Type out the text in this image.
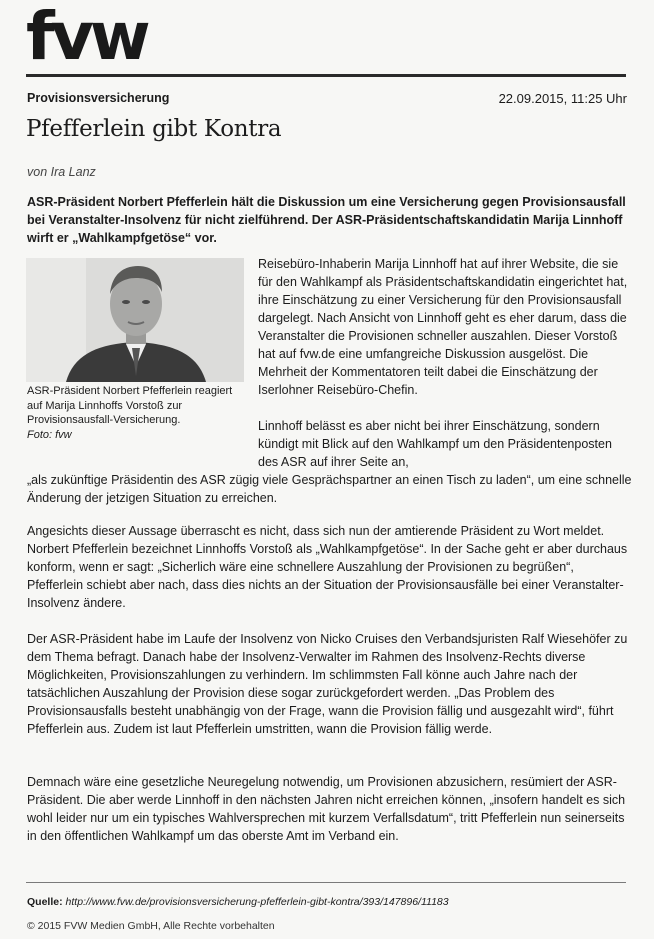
fvw
Provisionsversicherung	22.09.2015, 11:25 Uhr
Pfefferlein gibt Kontra
von Ira Lanz
ASR-Präsident Norbert Pfefferlein hält die Diskussion um eine Versicherung gegen Provisionsausfall bei Veranstalter-Insolvenz für nicht zielführend. Der ASR-Präsidentschaftskandidatin Marija Linnhoff wirft er „Wahlkampfgetöse“ vor.
ASR-Präsident Norbert Pfefferlein reagiert auf Marija Linnhoffs Vorstoß zur Provisionsausfall-Versicherung.
Foto: fvw

Reisebüro-Inhaberin Marija Linnhoff hat auf ihrer Website, die sie für den Wahlkampf als Präsidentschaftskandidatin eingerichtet hat, ihre Einschätzung zu einer Versicherung für den Provisionsausfall dargelegt. Nach Ansicht von Linnhoff geht es eher darum, dass die Veranstalter die Provisionen schneller auszahlen. Dieser Vorstoß hat auf fvw.de eine umfangreiche Diskussion ausgelöst. Die Mehrheit der Kommentatoren teilt dabei die Einschätzung der Iserlohner Reisebüro-Chefin.

Linnhoff belässt es aber nicht bei ihrer Einschätzung, sondern kündigt mit Blick auf den Wahlkampf um den Präsidentenposten des ASR auf ihrer Seite an,
„als zukünftige Präsidentin des ASR zügig viele Gesprächspartner an einen Tisch zu laden“, um eine schnelle Änderung der jetzigen Situation zu erreichen.
Angesichts dieser Aussage überrascht es nicht, dass sich nun der amtierende Präsident zu Wort meldet. Norbert Pfefferlein bezeichnet Linnhoffs Vorstoß als „Wahlkampfgetöse“. In der Sache geht er aber durchaus konform, wenn er sagt: „Sicherlich wäre eine schnellere Auszahlung der Provisionen zu begrüßen“, Pfefferlein schiebt aber nach, dass dies nichts an der Situation der Provisionsausfälle bei einer Veranstalter-Insolvenz ändere.
Der ASR-Präsident habe im Laufe der Insolvenz von Nicko Cruises den Verbandsjuristen Ralf Wiesehöfer zu dem Thema befragt. Danach habe der Insolvenz-Verwalter im Rahmen des Insolvenz-Rechts diverse Möglichkeiten, Provisionszahlungen zu verhindern. Im schlimmsten Fall könne auch Jahre nach der tatsächlichen Auszahlung der Provision diese sogar zurückgefordert werden. „Das Problem des Provisionsausfalls besteht unabhängig von der Frage, wann die Provision fällig und ausgezahlt wird“, führt Pfefferlein aus. Zudem ist laut Pfefferlein umstritten, wann die Provision fällig werde.
Demnach wäre eine gesetzliche Neuregelung notwendig, um Provisionen abzusichern, resümiert der ASR-Präsident. Die aber werde Linnhoff in den nächsten Jahren nicht erreichen können, „insofern handelt es sich wohl leider nur um ein typisches Wahlversprechen mit kurzem Verfallsdatum“, tritt Pfefferlein nun seinerseits in den öffentlichen Wahlkampf um das oberste Amt im Verband ein.
Quelle: http://www.fvw.de/provisionsversicherung-pfefferlein-gibt-kontra/393/147896/11183
© 2015 FVW Medien GmbH, Alle Rechte vorbehalten
